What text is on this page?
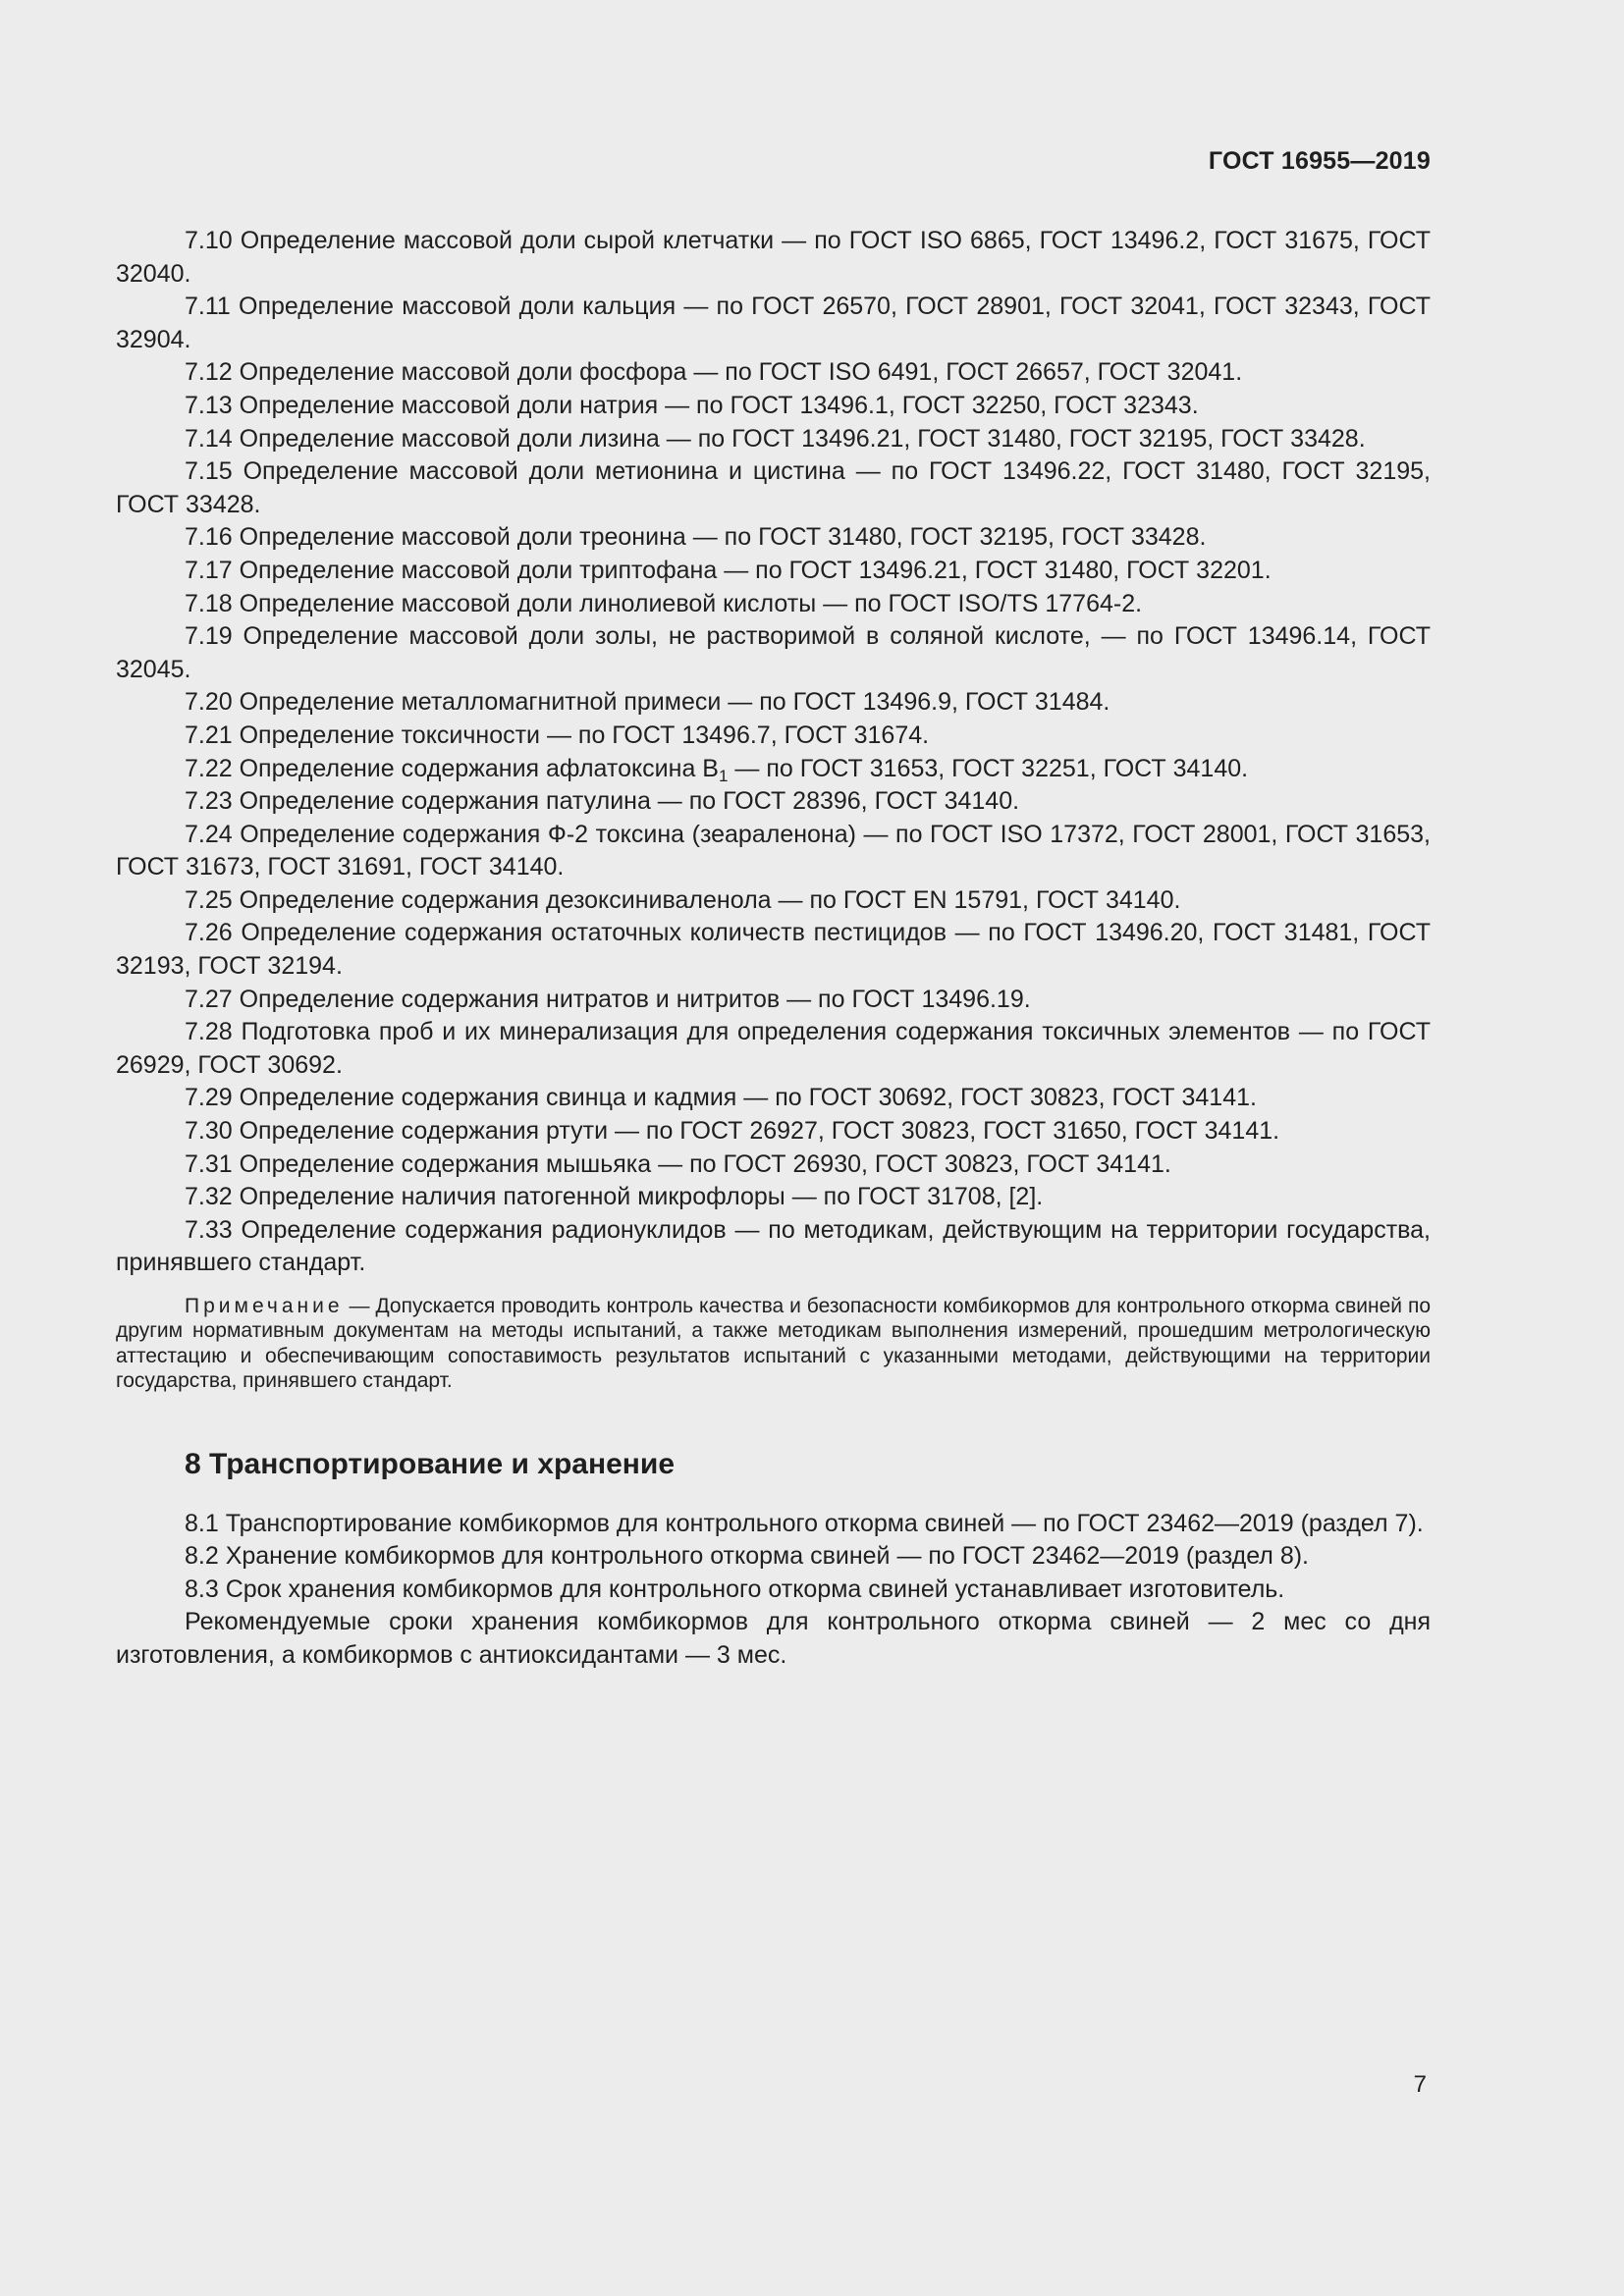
ГОСТ 16955—2019

7.10 Определение массовой доли сырой клетчатки — по ГОСТ ISO 6865, ГОСТ 13496.2, ГОСТ 31675, ГОСТ 32040.

7.11 Определение массовой доли кальция — по ГОСТ 26570, ГОСТ 28901, ГОСТ 32041, ГОСТ 32343, ГОСТ 32904.

7.12 Определение массовой доли фосфора — по ГОСТ ISO 6491, ГОСТ 26657, ГОСТ 32041.

7.13 Определение массовой доли натрия — по ГОСТ 13496.1, ГОСТ 32250, ГОСТ 32343.

7.14 Определение массовой доли лизина — по ГОСТ 13496.21, ГОСТ 31480, ГОСТ 32195, ГОСТ 33428.

7.15 Определение массовой доли метионина и цистина — по ГОСТ 13496.22, ГОСТ 31480, ГОСТ 32195, ГОСТ 33428.

7.16 Определение массовой доли треонина — по ГОСТ 31480, ГОСТ 32195, ГОСТ 33428.

7.17 Определение массовой доли триптофана — по ГОСТ 13496.21, ГОСТ 31480, ГОСТ 32201.

7.18 Определение массовой доли линолиевой кислоты — по ГОСТ ISO/TS 17764-2.

7.19 Определение массовой доли золы, не растворимой в соляной кислоте, — по ГОСТ 13496.14, ГОСТ 32045.

7.20 Определение металломагнитной примеси — по ГОСТ 13496.9, ГОСТ 31484.

7.21 Определение токсичности — по ГОСТ 13496.7, ГОСТ 31674.

7.22 Определение содержания афлатоксина $B_1$ — по ГОСТ 31653, ГОСТ 32251, ГОСТ 34140.

7.23 Определение содержания патулина — по ГОСТ 28396, ГОСТ 34140.

7.24 Определение содержания Ф-2 токсина (зеараленона) — по ГОСТ ISO 17372, ГОСТ 28001, ГОСТ 31653, ГОСТ 31673, ГОСТ 31691, ГОСТ 34140.

7.25 Определение содержания дезоксиниваленола — по ГОСТ EN 15791, ГОСТ 34140.

7.26 Определение содержания остаточных количеств пестицидов — по ГОСТ 13496.20, ГОСТ 31481, ГОСТ 32193, ГОСТ 32194.

7.27 Определение содержания нитратов и нитритов — по ГОСТ 13496.19.

7.28 Подготовка проб и их минерализация для определения содержания токсичных элементов — по ГОСТ 26929, ГОСТ 30692.

7.29 Определение содержания свинца и кадмия — по ГОСТ 30692, ГОСТ 30823, ГОСТ 34141.

7.30 Определение содержания ртути — по ГОСТ 26927, ГОСТ 30823, ГОСТ 31650, ГОСТ 34141.

7.31 Определение содержания мышьяка — по ГОСТ 26930, ГОСТ 30823, ГОСТ 34141.

7.32 Определение наличия патогенной микрофлоры — по ГОСТ 31708, [2].

7.33 Определение содержания радионуклидов — по методикам, действующим на территории государства, принявшего стандарт.

Примечание — Допускается проводить контроль качества и безопасности комбикормов для контрольного откорма свиней по другим нормативным документам на методы испытаний, а также методикам выполнения измерений, прошедшим метрологическую аттестацию и обеспечивающим сопоставимость результатов испытаний с указанными методами, действующими на территории государства, принявшего стандарт.

8 Транспортирование и хранение

8.1 Транспортирование комбикормов для контрольного откорма свиней — по ГОСТ 23462—2019 (раздел 7).

8.2 Хранение комбикормов для контрольного откорма свиней — по ГОСТ 23462—2019 (раздел 8).

8.3 Срок хранения комбикормов для контрольного откорма свиней устанавливает изготовитель.

Рекомендуемые сроки хранения комбикормов для контрольного откорма свиней — 2 мес со дня изготовления, а комбикормов с антиоксидантами — 3 мес.

7
